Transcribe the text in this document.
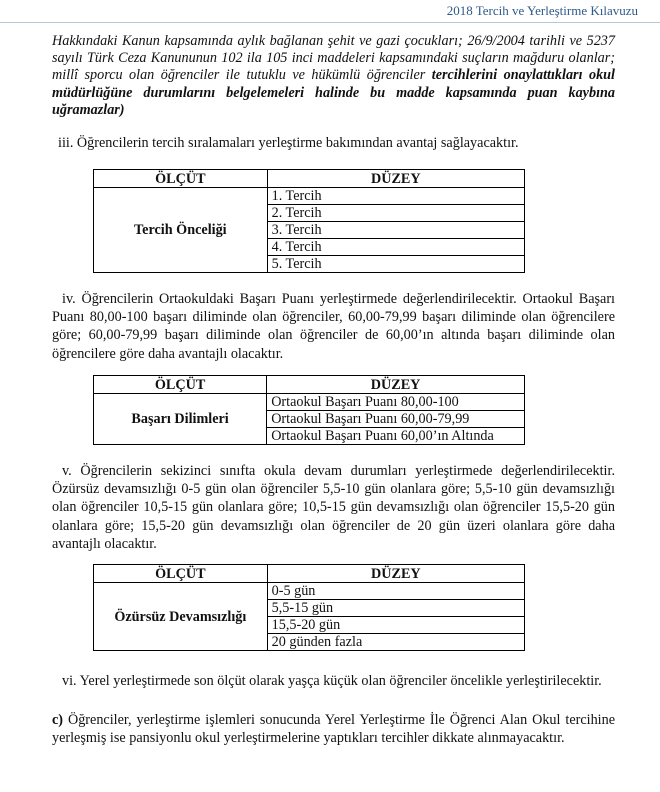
2018 Tercih ve Yerleştirme Kılavuzu
Hakkındaki Kanun kapsamında aylık bağlanan şehit ve gazi çocukları; 26/9/2004 tarihli ve 5237 sayılı Türk Ceza Kanununun 102 ila 105 inci maddeleri kapsamındaki suçların mağduru olanlar; millî sporcu olan öğrenciler ile tutuklu ve hükümlü öğrenciler tercihlerini onaylattıkları okul müdürlüğüne durumlarını belgelemeleri halinde bu madde kapsamında puan kaybına uğramazlar)
iii. Öğrencilerin tercih sıralamaları yerleştirme bakımından avantaj sağlayacaktır.
ÖLÇÜT	DÜZEY
Tercih Önceliği	1. Tercih
	2. Tercih
	3. Tercih
	4. Tercih
	5. Tercih
iv. Öğrencilerin Ortaokuldaki Başarı Puanı yerleştirmede değerlendirilecektir. Ortaokul Başarı Puanı 80,00-100 başarı diliminde olan öğrenciler, 60,00-79,99 başarı diliminde olan öğrencilere göre; 60,00-79,99 başarı diliminde olan öğrenciler de 60,00’ın altında başarı diliminde olan öğrencilere göre daha avantajlı olacaktır.
ÖLÇÜT	DÜZEY
Başarı Dilimleri	Ortaokul Başarı Puanı 80,00-100
	Ortaokul Başarı Puanı 60,00-79,99
	Ortaokul Başarı Puanı 60,00’ın Altında
v. Öğrencilerin sekizinci sınıfta okula devam durumları yerleştirmede değerlendirilecektir. Özürsüz devamsızlığı 0-5 gün olan öğrenciler 5,5-10 gün olanlara göre; 5,5-10 gün devamsızlığı olan öğrenciler 10,5-15 gün olanlara göre; 10,5-15 gün devamsızlığı olan öğrenciler 15,5-20 gün olanlara göre; 15,5-20 gün devamsızlığı olan öğrenciler de 20 gün üzeri olanlara göre daha avantajlı olacaktır.
ÖLÇÜT	DÜZEY
Özürsüz Devamsızlığı	0-5 gün
	5,5-15 gün
	15,5-20 gün
	20 günden fazla
vi. Yerel yerleştirmede son ölçüt olarak yaşça küçük olan öğrenciler öncelikle yerleştirilecektir.
c) Öğrenciler, yerleştirme işlemleri sonucunda Yerel Yerleştirme İle Öğrenci Alan Okul tercihine yerleşmiş ise pansiyonlu okul yerleştirmelerine yaptıkları tercihler dikkate alınmayacaktır.
